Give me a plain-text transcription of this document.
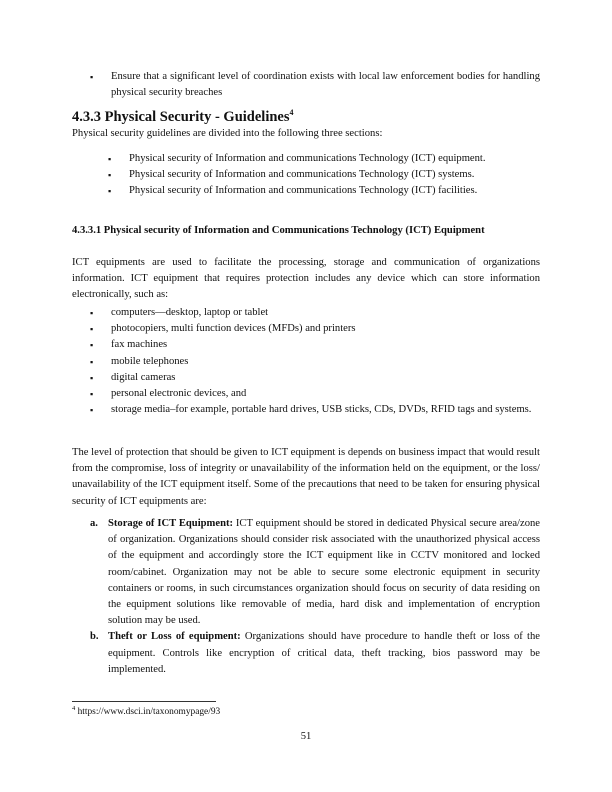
▪ Ensure that a significant level of coordination exists with local law enforcement bodies for handling physical security breaches
4.3.3 Physical Security - Guidelines$^4$

Physical security guidelines are divided into the following three sections:

▪ Physical security of Information and communications Technology (ICT) equipment.
▪ Physical security of Information and communications Technology (ICT) systems.
▪ Physical security of Information and communications Technology (ICT) facilities.
4.3.3.1 Physical security of Information and Communications Technology (ICT) Equipment

ICT equipments are used to facilitate the processing, storage and communication of organizations information. ICT equipment that requires protection includes any device which can store information electronically, such as:

▪ computers—desktop, laptop or tablet
▪ photocopiers, multi function devices (MFDs) and printers
▪ fax machines
▪ mobile telephones
▪ digital cameras
▪ personal electronic devices, and
▪ storage media–for example, portable hard drives, USB sticks, CDs, DVDs, RFID tags and systems.

The level of protection that should be given to ICT equipment is depends on business impact that would result from the compromise, loss of integrity or unavailability of the information held on the equipment, or the loss/ unavailability of the ICT equipment itself. Some of the precautions that need to be taken for ensuring physical security of ICT equipments are:

a. Storage of ICT Equipment: ICT equipment should be stored in dedicated Physical secure area/zone of organization. Organizations should consider risk associated with the unauthorized physical access of the equipment and accordingly store the ICT equipment like in CCTV monitored and locked room/cabinet. Organization may not be able to secure some electronic equipment in security containers or rooms, in such circumstances organization should focus on security of data residing on the equipment solutions like removable of media, hard disk and implementation of encryption solution may be used.
b. Theft or Loss of equipment: Organizations should have procedure to handle theft or loss of the equipment. Controls like encryption of critical data, theft tracking, bios password may be implemented.
$^4$ https://www.dsci.in/taxonomypage/93
51
